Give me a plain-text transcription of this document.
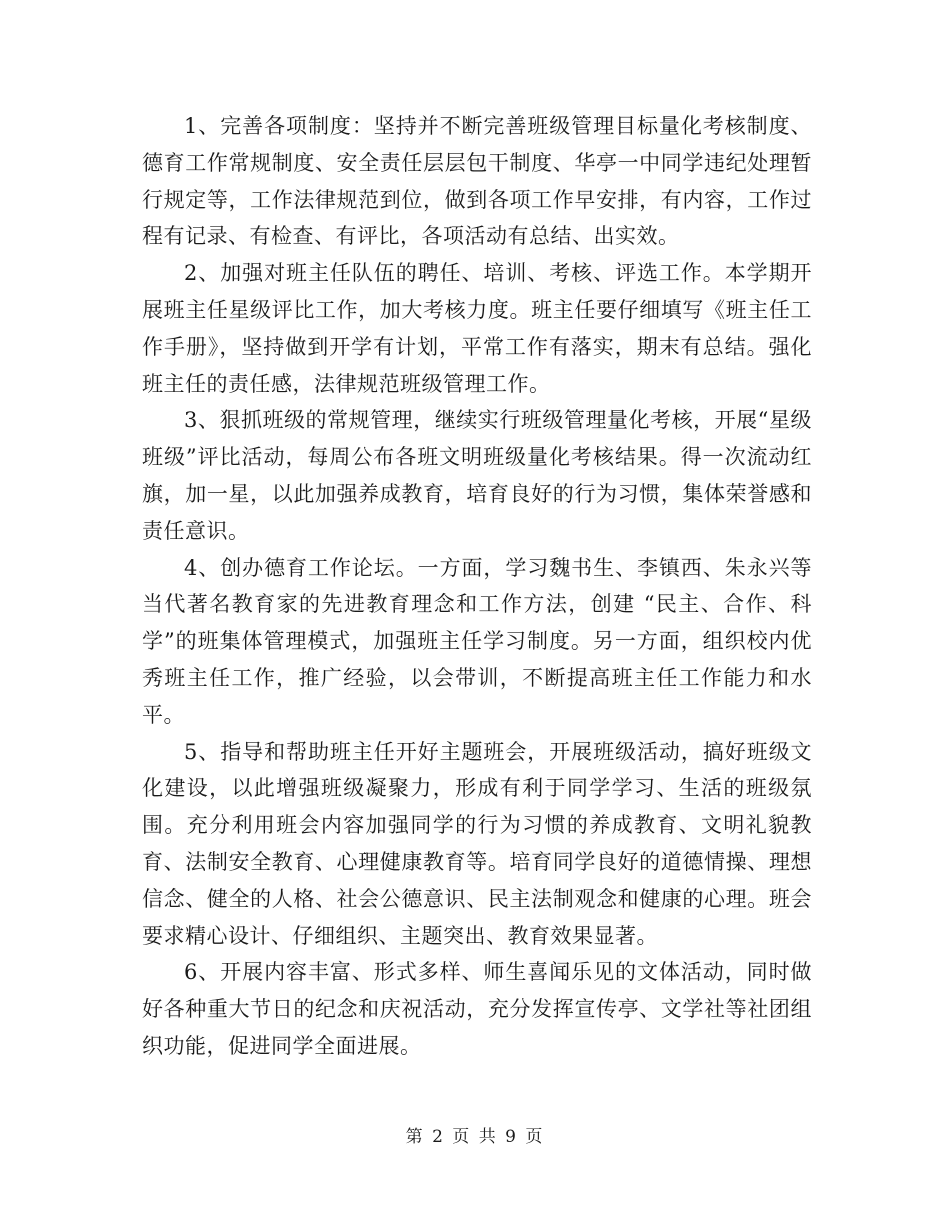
1、完善各项制度：坚持并不断完善班级管理目标量化考核制度、德育工作常规制度、安全责任层层包干制度、华亭一中同学违纪处理暂行规定等，工作法律规范到位，做到各项工作早安排，有内容，工作过程有记录、有检查、有评比，各项活动有总结、出实效。

2、加强对班主任队伍的聘任、培训、考核、评选工作。本学期开展班主任星级评比工作，加大考核力度。班主任要仔细填写《班主任工作手册》，坚持做到开学有计划，平常工作有落实，期末有总结。强化班主任的责任感，法律规范班级管理工作。

3、狠抓班级的常规管理，继续实行班级管理量化考核，开展“星级班级”评比活动，每周公布各班文明班级量化考核结果。得一次流动红旗，加一星，以此加强养成教育，培育良好的行为习惯，集体荣誉感和责任意识。

4、创办德育工作论坛。一方面，学习魏书生、李镇西、朱永兴等当代著名教育家的先进教育理念和工作方法，创建 “民主、合作、科学”的班集体管理模式，加强班主任学习制度。另一方面，组织校内优秀班主任工作，推广经验，以会带训，不断提高班主任工作能力和水平。

5、指导和帮助班主任开好主题班会，开展班级活动，搞好班级文化建设，以此增强班级凝聚力，形成有利于同学学习、生活的班级氛围。充分利用班会内容加强同学的行为习惯的养成教育、文明礼貌教育、法制安全教育、心理健康教育等。培育同学良好的道德情操、理想信念、健全的人格、社会公德意识、民主法制观念和健康的心理。班会要求精心设计、仔细组织、主题突出、教育效果显著。

6、开展内容丰富、形式多样、师生喜闻乐见的文体活动，同时做好各种重大节日的纪念和庆祝活动，充分发挥宣传亭、文学社等社团组织功能，促进同学全面进展。

第 2 页 共 9 页
